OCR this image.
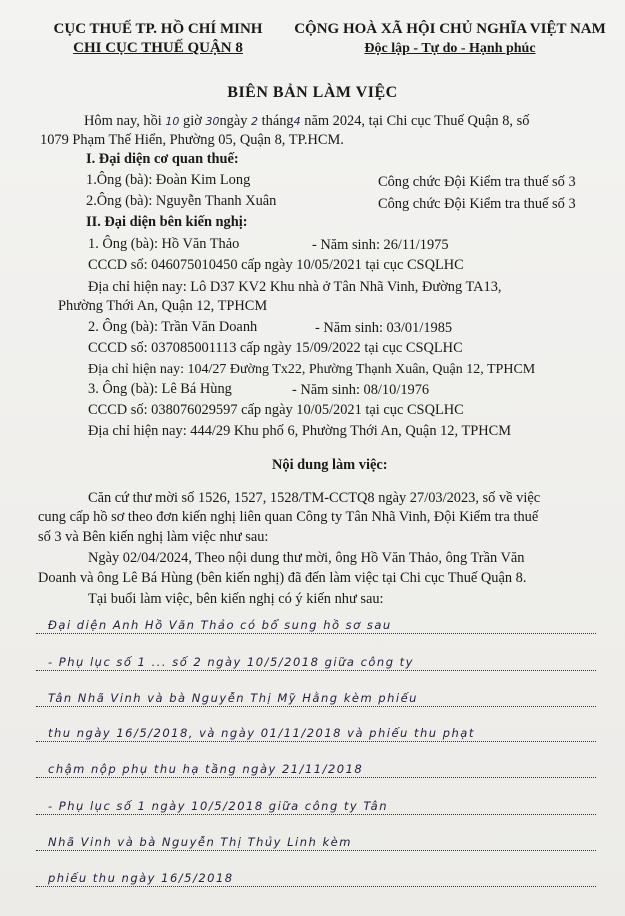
CỤC THUẾ TP. HỒ CHÍ MINH
CHI CỤC THUẾ QUẬN 8
CỘNG HOÀ XÃ HỘI CHỦ NGHĨA VIỆT NAM
Độc lập - Tự do - Hạnh phúc
BIÊN BẢN LÀM VIỆC
Hôm nay, hồi 10 giờ 30ngày 2 tháng4 năm 2024, tại Chi cục Thuế Quận 8, số
1079 Phạm Thế Hiển, Phường 05, Quận 8, TP.HCM.
I. Đại diện cơ quan thuế:
1.Ông (bà): Đoàn Kim Long	Công chức Đội Kiểm tra thuế số 3
2.Ông (bà): Nguyễn Thanh Xuân	Công chức Đội Kiểm tra thuế số 3
II. Đại diện bên kiến nghị:
1. Ông (bà): Hồ Văn Thảo	- Năm sinh: 26/11/1975
CCCD số: 046075010450 cấp ngày 10/05/2021 tại cục CSQLHC
Địa chỉ hiện nay: Lô D37 KV2 Khu nhà ở Tân Nhã Vinh, Đường TA13,
Phường Thới An, Quận 12, TPHCM
2. Ông (bà): Trần Văn Doanh	- Năm sinh: 03/01/1985
CCCD số: 037085001113 cấp ngày 15/09/2022 tại cục CSQLHC
Địa chỉ hiện nay: 104/27 Đường Tx22, Phường Thạnh Xuân, Quận 12, TPHCM
3. Ông (bà): Lê Bá Hùng	- Năm sinh: 08/10/1976
CCCD số: 038076029597 cấp ngày 10/05/2021 tại cục CSQLHC
Địa chỉ hiện nay: 444/29 Khu phố 6, Phường Thới An, Quận 12, TPHCM
Nội dung làm việc:
Căn cứ thư mời số 1526, 1527, 1528/TM-CCTQ8 ngày 27/03/2023, số về việc
cung cấp hồ sơ theo đơn kiến nghị liên quan Công ty Tân Nhã Vinh, Đội Kiểm tra thuế
số 3 và Bên kiến nghị làm việc như sau:
Ngày 02/04/2024, Theo nội dung thư mời, ông Hồ Văn Thảo, ông Trần Văn
Doanh và ông Lê Bá Hùng (bên kiến nghị) đã đến làm việc tại Chi cục Thuế Quận 8.
Tại buổi làm việc, bên kiến nghị có ý kiến như sau:
Đại diện Anh Hồ Văn Thảo có bổ sung hồ sơ sau
- Phụ lục số 1 ... số 2 ngày 10/5/2018 giữa công ty
Tân Nhã Vinh và bà Nguyễn Thị Mỹ Hằng kèm phiếu
thu ngày 16/5/2018, và ngày 01/11/2018 và phiếu thu phạt
chậm nộp phụ thu hạ tầng ngày 21/11/2018
- Phụ lục số 1 ngày 10/5/2018 giữa công ty Tân
Nhã Vinh và bà Nguyễn Thị Thủy Linh kèm
phiếu thu ngày 16/5/2018
